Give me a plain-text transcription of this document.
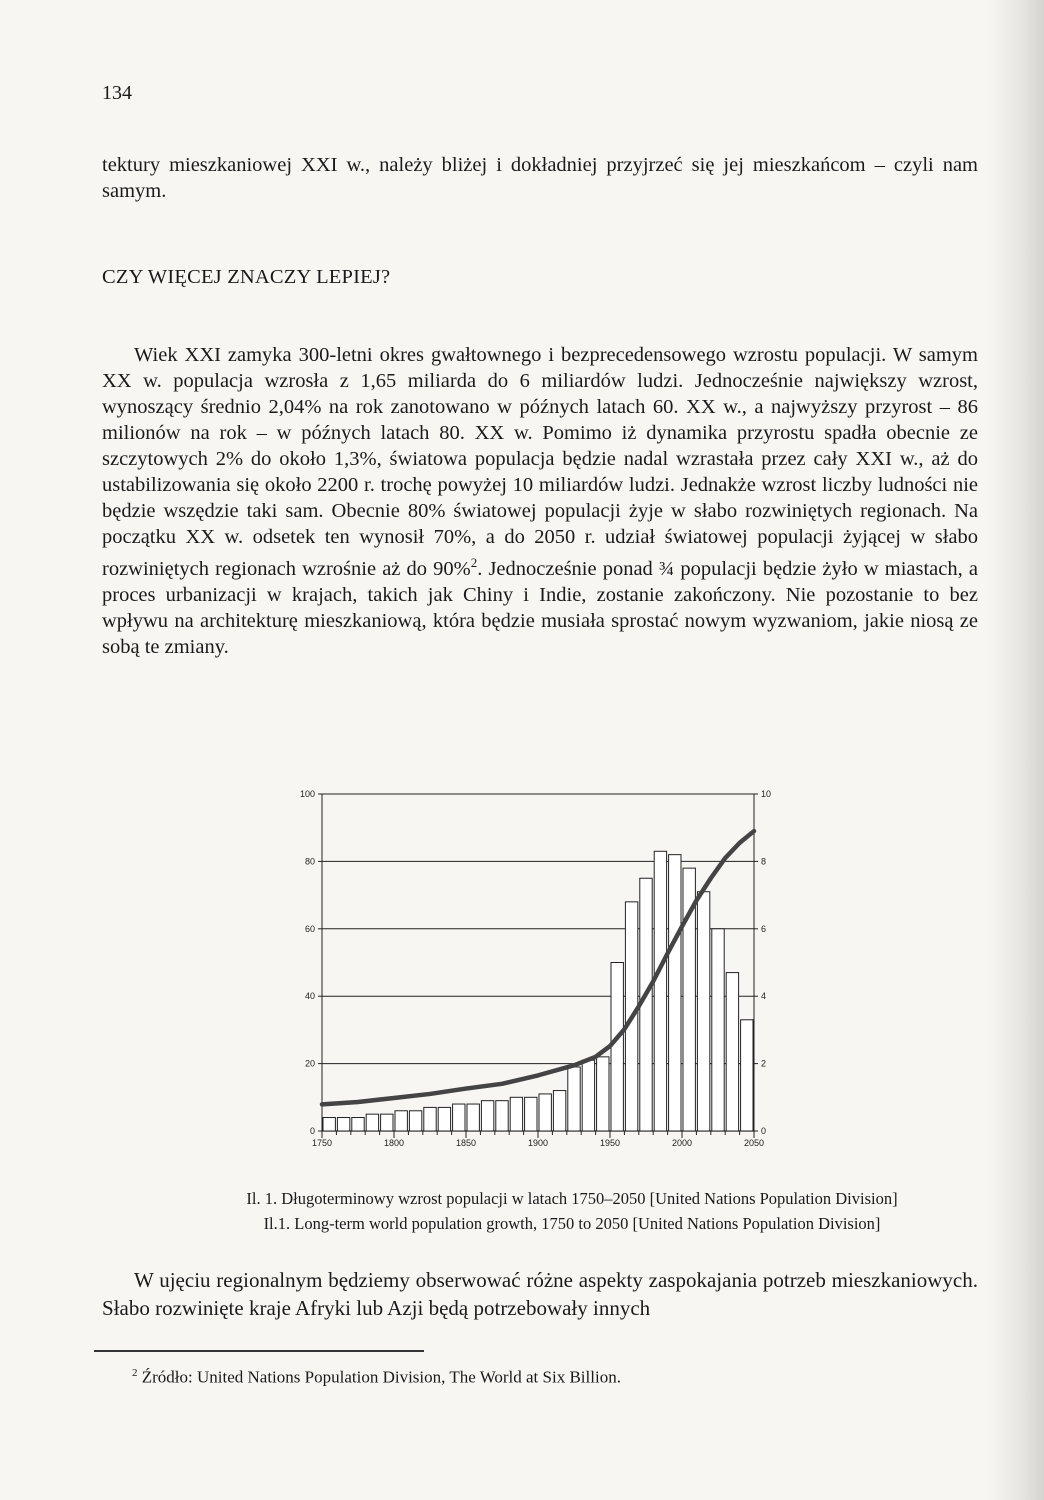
134

tektury mieszkaniowej XXI w., należy bliżej i dokładniej przyjrzeć się jej mieszkańcom – czyli nam samym.

CZY WIĘCEJ ZNACZY LEPIEJ?

Wiek XXI zamyka 300-letni okres gwałtownego i bezprecedensowego wzrostu populacji. W samym XX w. populacja wzrosła z 1,65 miliarda do 6 miliardów ludzi. Jednocześnie największy wzrost, wynoszący średnio 2,04% na rok zanotowano w późnych latach 60. XX w., a najwyższy przyrost – 86 milionów na rok – w późnych latach 80. XX w. Pomimo iż dynamika przyrostu spadła obecnie ze szczytowych 2% do około 1,3%, światowa populacja będzie nadal wzrastała przez cały XXI w., aż do ustabilizowania się około 2200 r. trochę powyżej 10 miliardów ludzi. Jednakże wzrost liczby ludności nie będzie wszędzie taki sam. Obecnie 80% światowej populacji żyje w słabo rozwiniętych regionach. Na początku XX w. odsetek ten wynosił 70%, a do 2050 r. udział światowej populacji żyjącej w słabo rozwiniętych regionach wzrośnie aż do 90%$^2$. Jednocześnie ponad ¾ populacji będzie żyło w miastach, a proces urbanizacji w krajach, takich jak Chiny i Indie, zostanie zakończony. Nie pozostanie to bez wpływu na architekturę mieszkaniową, która będzie musiała sprostać nowym wyzwaniom, jakie niosą ze sobą te zmiany.

0
20
40
60
80
100
0
2
4
6
8
10
1750	1800	1850	1900	1950	2000	2050
Il. 1. Długoterminowy wzrost populacji w latach 1750–2050 [United Nations Population Division]
Il.1. Long-term world population growth, 1750 to 2050 [United Nations Population Division]

W ujęciu regionalnym będziemy obserwować różne aspekty zaspokajania potrzeb mieszkaniowych. Słabo rozwinięte kraje Afryki lub Azji będą potrzebowały innych

$^2$ Źródło: United Nations Population Division, The World at Six Billion.
